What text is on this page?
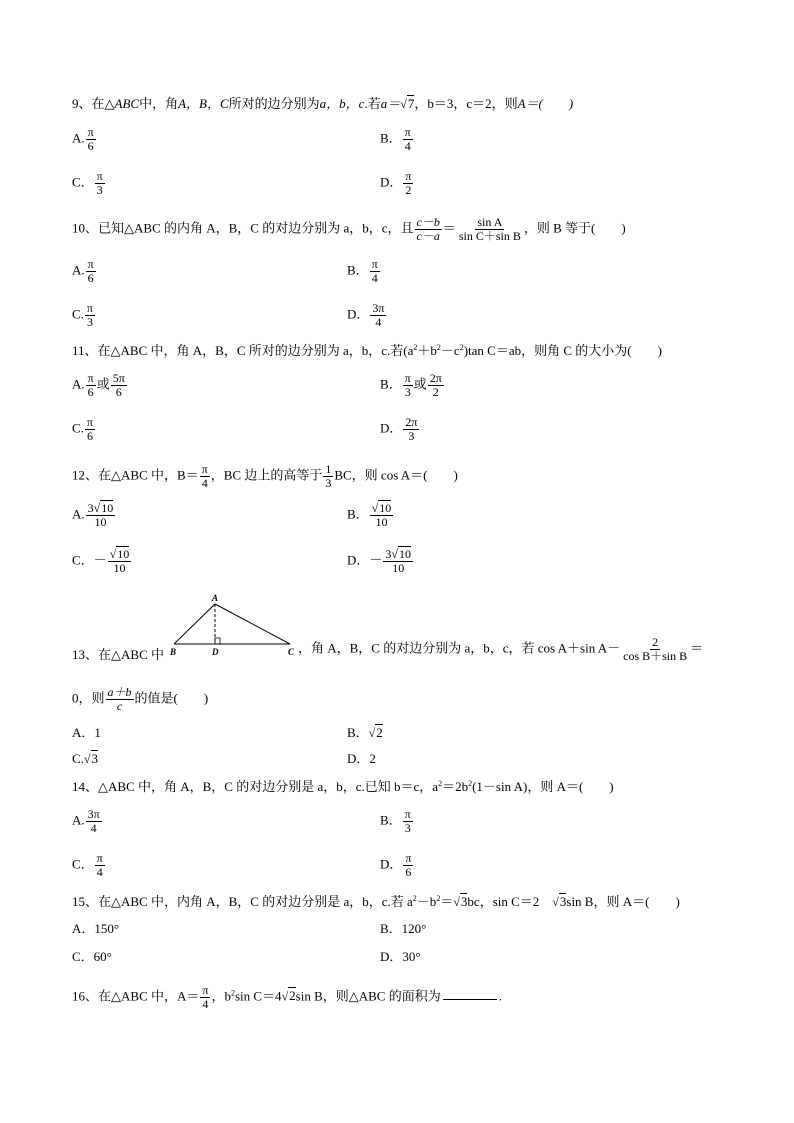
9、在△ABC中，角A，B，C所对的边分别为a，b，c.若a＝√7，b＝3，c＝2，则A＝(　　)
A. $\frac{\pi}{6}$	B． $\frac{\pi}{4}$
C． $\frac{\pi}{3}$	D． $\frac{\pi}{2}$
10、已知△ABC 的内角 A，B，C 的对边分别为 a，b，c，且 $\frac{c-b}{c-a} = \frac{\text{sin A}}{\text{sin C＋sin B}}$ ，则 B 等于(　　)
A. $\frac{\pi}{6}$	B． $\frac{\pi}{4}$
C. $\frac{\pi}{3}$	D． $\frac{3\pi}{4}$
11、在△ABC 中，角 A，B，C 所对的边分别为 a，b，c.若$(a^2+b^2-c^2)\tan$ C＝ab，则角 C 的大小为(　　)
A. $\frac{\pi}{6}$ 或 $\frac{5\pi}{6}$	B． $\frac{\pi}{3}$ 或 $\frac{2\pi}{2}$
C. $\frac{\pi}{6}$	D． $\frac{2\pi}{3}$
12、在△ABC 中，$B= \frac{\pi}{4}$ ，BC 边上的高等于 $\frac{1}{3}$ BC，则 cos A＝(　　)
A. $\frac{3√10}{10}$	B． $\frac{√10}{10}$
C．－ $\frac{√10}{10}$	D．－ $\frac{3√10}{10}$
A
B	C
D
13、在△ABC 中	，角 A，B，C 的对边分别为 a，b，c，若 cos A＋sin $A- \frac{2}{\text{cos B＋sin B}}$ ＝
0，则 $\frac{a+b}{c}$ 的值是(　　)
A．1	B．√2
C.√3	D．2
14、△ABC 中，角 A，B，C 的对边分别是 a，b，c.已知 b＝c，$a^2=2b^2(1-\sin$ A)，则 A＝(　　)
A. $\frac{3\pi}{4}$	B． $\frac{\pi}{3}$
C． $\frac{\pi}{4}$	D． $\frac{\pi}{6}$
15、在△ABC 中，内角 A，B，C 的对边分别是 a，b，c.若 $a^2-b^2=√3bc$，sin C＝2　√3sin B，则 A＝(　　)
A．150°	B．120°
C．60°	D．30°
16、在△ABC 中，$A= \frac{\pi}{4}$ ，$b^2\sin$ C＝4√2sin B，则△ABC 的面积为	.
